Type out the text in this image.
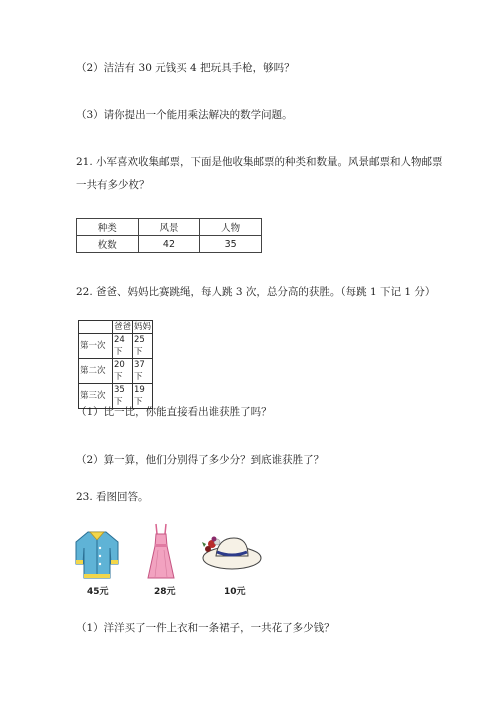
（2）洁洁有 30 元钱买 4 把玩具手枪，够吗？
（3）请你提出一个能用乘法解决的数学问题。
21. 小军喜欢收集邮票，下面是他收集邮票的种类和数量。风景邮票和人物邮票
一共有多少枚？
种类	风景	人物
枚数	42	35
22. 爸爸、妈妈比赛跳绳，每人跳 3 次，总分高的获胜。（每跳 1 下记 1 分）
	爸爸	妈妈
第一次	24下	25下
第二次	20下	37下
第三次	35下	19下
（1）比一比，你能直接看出谁获胜了吗？
（2）算一算，他们分别得了多少分？到底谁获胜了？
23. 看图回答。
45元	28元	10元
（1）洋洋买了一件上衣和一条裙子，一共花了多少钱？
